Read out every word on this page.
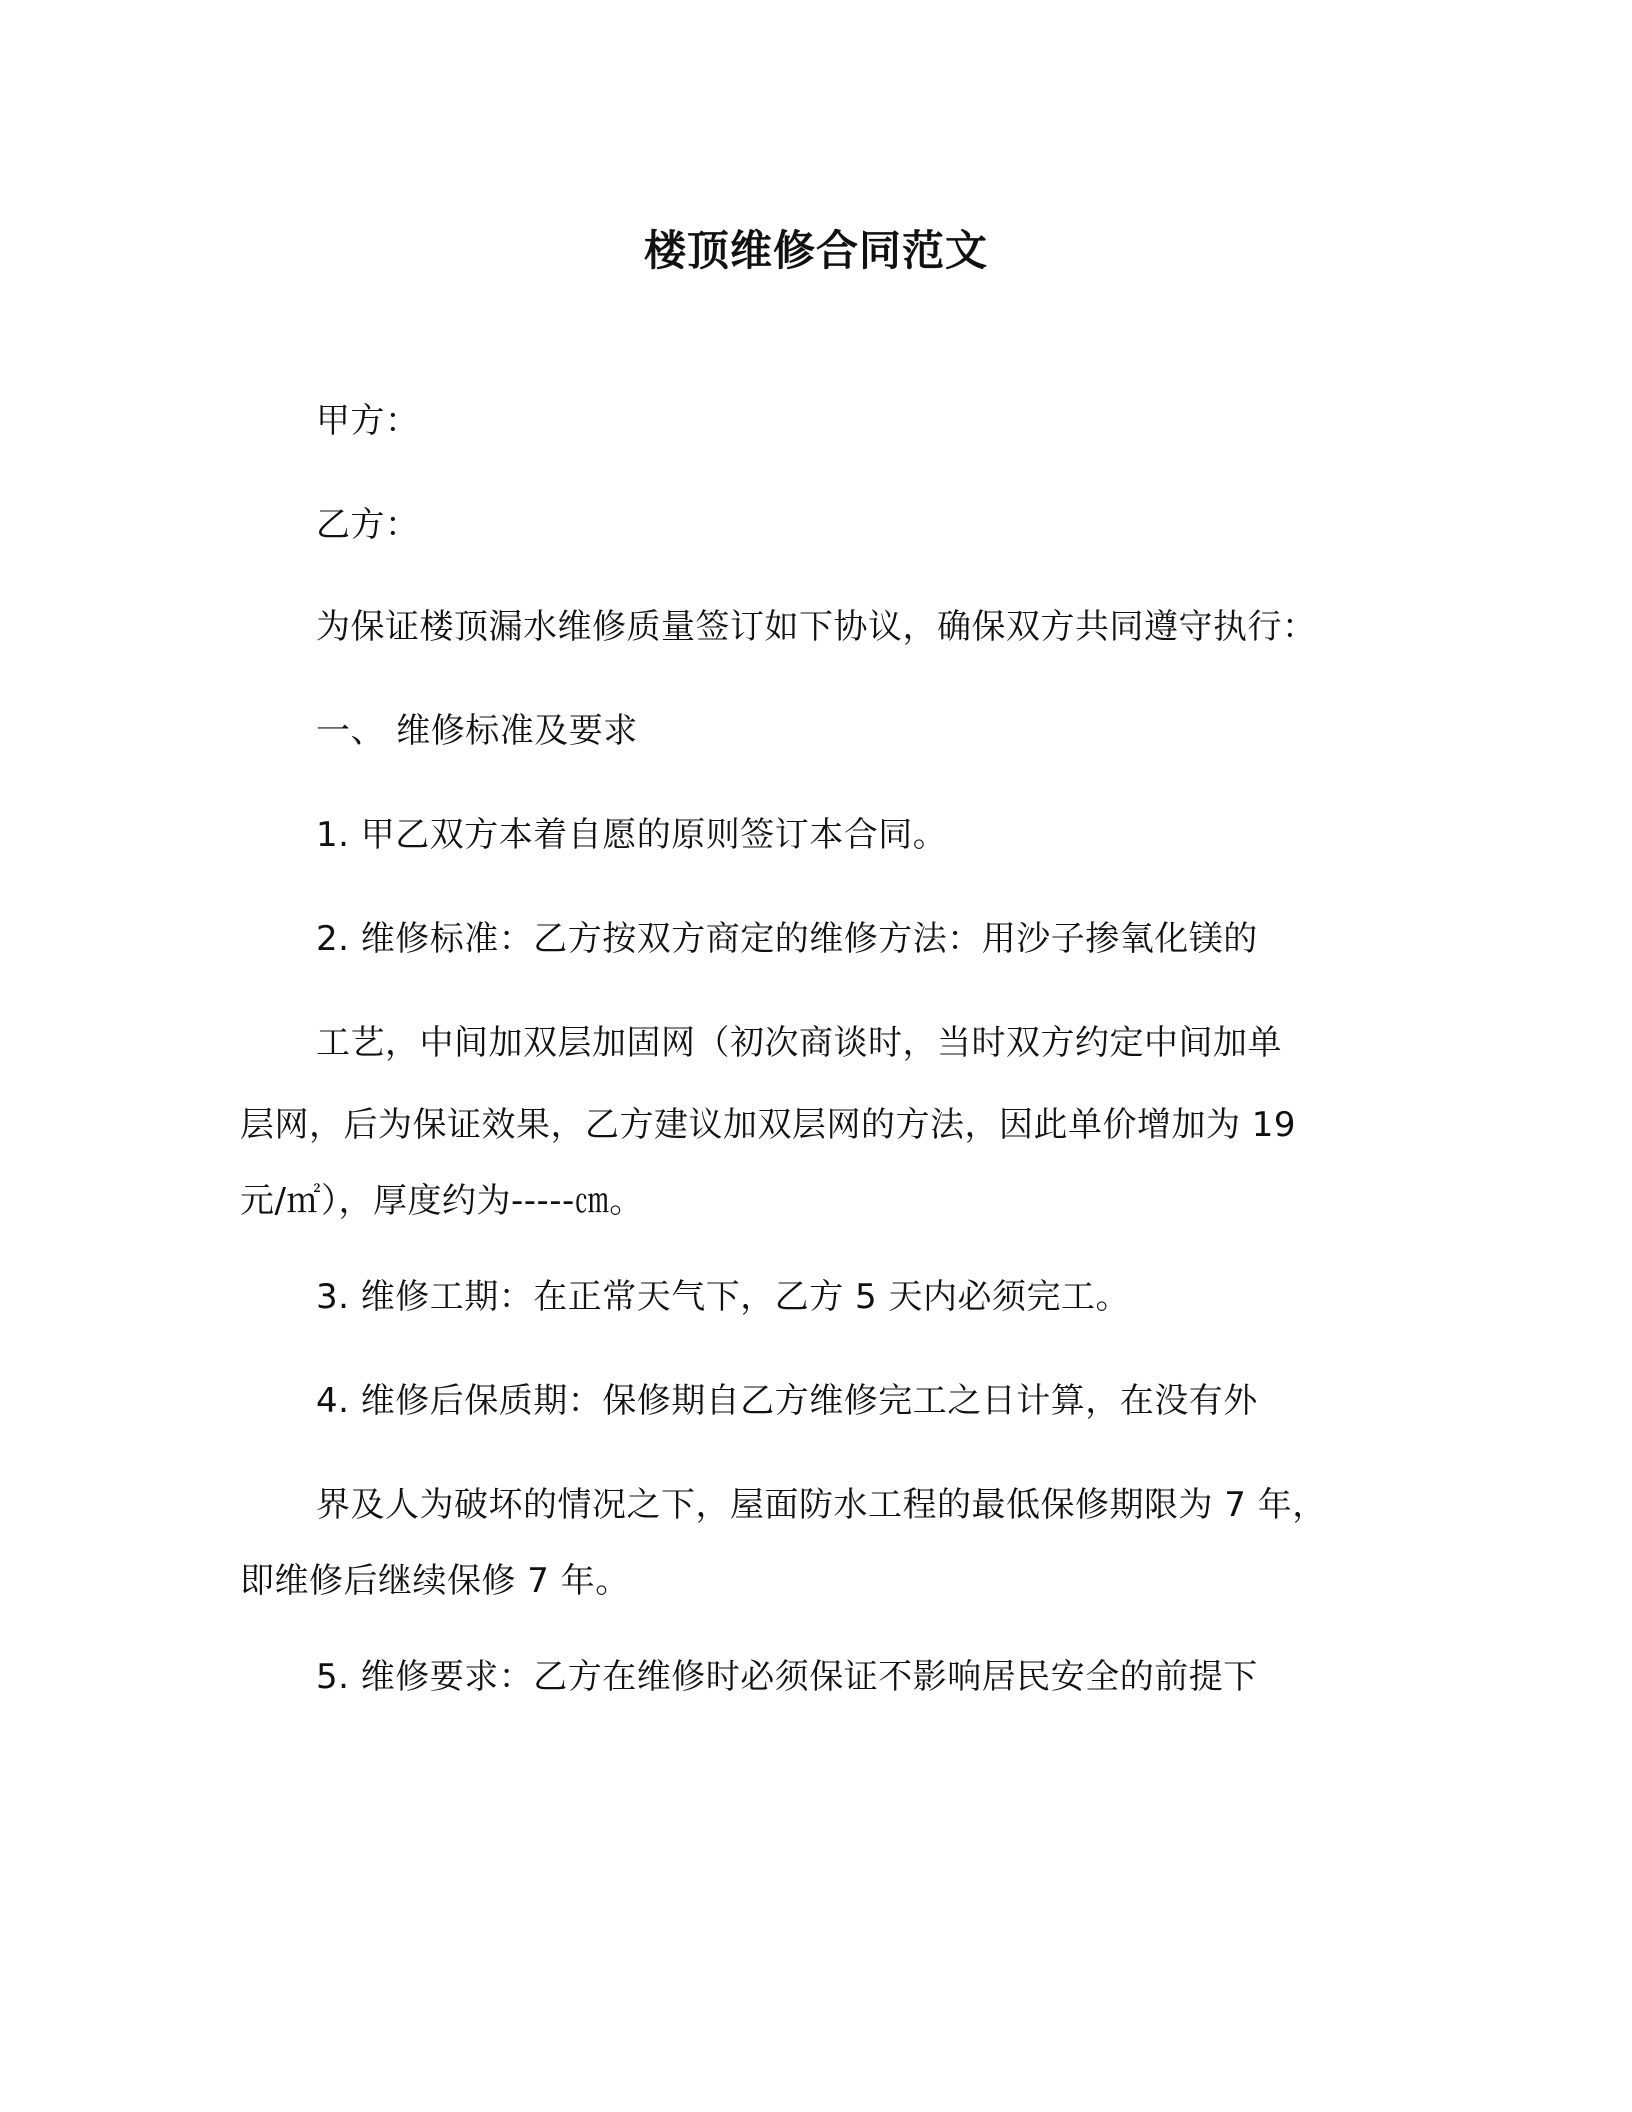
楼顶维修合同范文
甲方：
乙方：
为保证楼顶漏水维修质量签订如下协议，确保双方共同遵守执行：
一、 维修标准及要求
1. 甲乙双方本着自愿的原则签订本合同。
2. 维修标准：乙方按双方商定的维修方法：用沙子掺氧化镁的
工艺，中间加双层加固网（初次商谈时，当时双方约定中间加单
层网，后为保证效果，乙方建议加双层网的方法，因此单价增加为 19
元/㎡），厚度约为-----㎝。
3. 维修工期：在正常天气下，乙方 5 天内必须完工。
4. 维修后保质期：保修期自乙方维修完工之日计算，在没有外
界及人为破坏的情况之下，屋面防水工程的最低保修期限为 7 年，
即维修后继续保修 7 年。
5. 维修要求：乙方在维修时必须保证不影响居民安全的前提下
